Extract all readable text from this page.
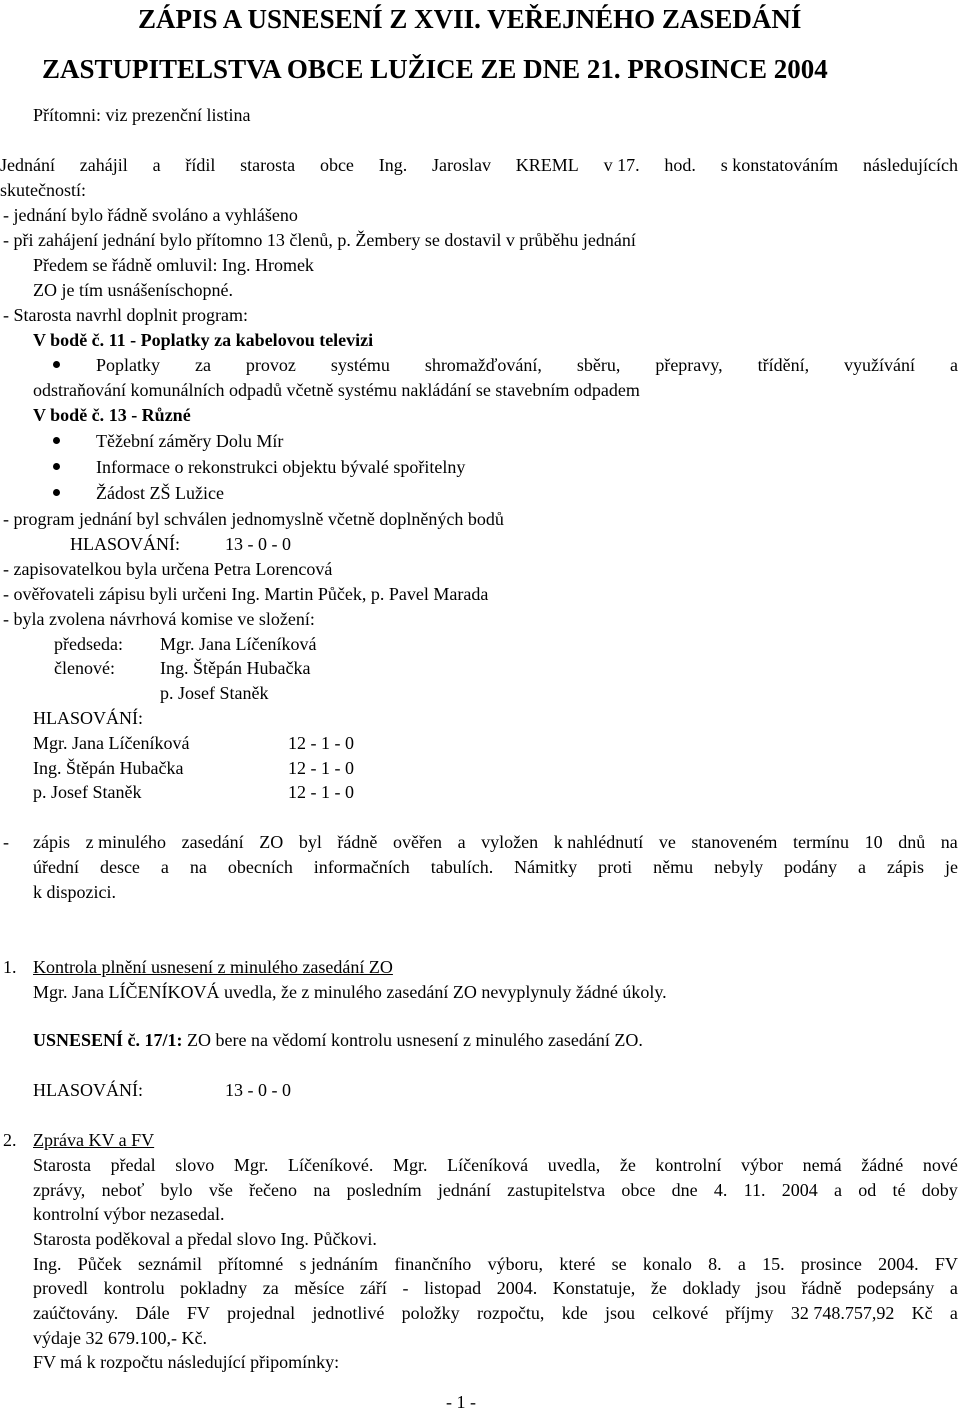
ZÁPIS A USNESENÍ Z XVII. VEŘEJNÉHO ZASEDÁNÍ
ZASTUPITELSTVA OBCE LUŽICE ZE DNE 21. PROSINCE 2004
Přítomni: viz prezenční listina
Jednání zahájil a řídil starosta obce Ing. Jaroslav KREML v 17. hod. s konstatováním následujících
skutečností:
- jednání bylo řádně svoláno a vyhlášeno
- při zahájení jednání bylo přítomno 13 členů, p. Žembery se dostavil v průběhu jednání
Předem se řádně omluvil: Ing. Hromek
ZO je tím usnášeníschopné.
- Starosta navrhl doplnit program:
V bodě č. 11 - Poplatky za kabelovou televizi
Poplatky za provoz systému shromažďování, sběru, přepravy, třídění, využívání a
odstraňování komunálních odpadů včetně systému nakládání se stavebním odpadem
V bodě č. 13 - Různé
Těžební záměry Dolu Mír
Informace o rekonstrukci objektu bývalé spořitelny
Žádost ZŠ Lužice
- program jednání byl schválen jednomyslně včetně doplněných bodů
HLASOVÁNÍ:	13 - 0 - 0
- zapisovatelkou byla určena Petra Lorencová
- ověřovateli zápisu byli určeni Ing. Martin Půček, p. Pavel Marada
- byla zvolena návrhová komise ve složení:
předseda: Mgr. Jana Líčeníková
členové:	Ing. Štěpán Hubačka
p. Josef Staněk
HLASOVÁNÍ:
Mgr. Jana Líčeníková	12 - 1 - 0
Ing. Štěpán Hubačka	12 - 1 - 0
p. Josef Staněk	12 - 1 - 0
- zápis z minulého zasedání ZO byl řádně ověřen a vyložen k nahlédnutí ve stanoveném termínu 10 dnů na
úřední desce a na obecních informačních tabulích. Námitky proti němu nebyly podány a zápis je
k dispozici.
1. Kontrola plnění usnesení z minulého zasedání ZO
Mgr. Jana LÍČENÍKOVÁ uvedla, že z minulého zasedání ZO nevyplynuly žádné úkoly.
USNESENÍ č. 17/1: ZO bere na vědomí kontrolu usnesení z minulého zasedání ZO.
HLASOVÁNÍ:	13 - 0 - 0
2. Zpráva KV a FV
Starosta předal slovo Mgr. Líčeníkové. Mgr. Líčeníková uvedla, že kontrolní výbor nemá žádné nové
zprávy, neboť bylo vše řečeno na posledním jednání zastupitelstva obce dne 4. 11. 2004 a od té doby
kontrolní výbor nezasedal.
Starosta poděkoval a předal slovo Ing. Půčkovi.
Ing. Půček seznámil přítomné s jednáním finančního výboru, které se konalo 8. a 15. prosince 2004. FV
provedl kontrolu pokladny za měsíce září - listopad 2004. Konstatuje, že doklady jsou řádně podepsány a
zaúčtovány. Dále FV projednal jednotlivé položky rozpočtu, kde jsou celkové příjmy 32 748.757,92 Kč a
výdaje 32 679.100,- Kč.
FV má k rozpočtu následující připomínky:
- 1 -
